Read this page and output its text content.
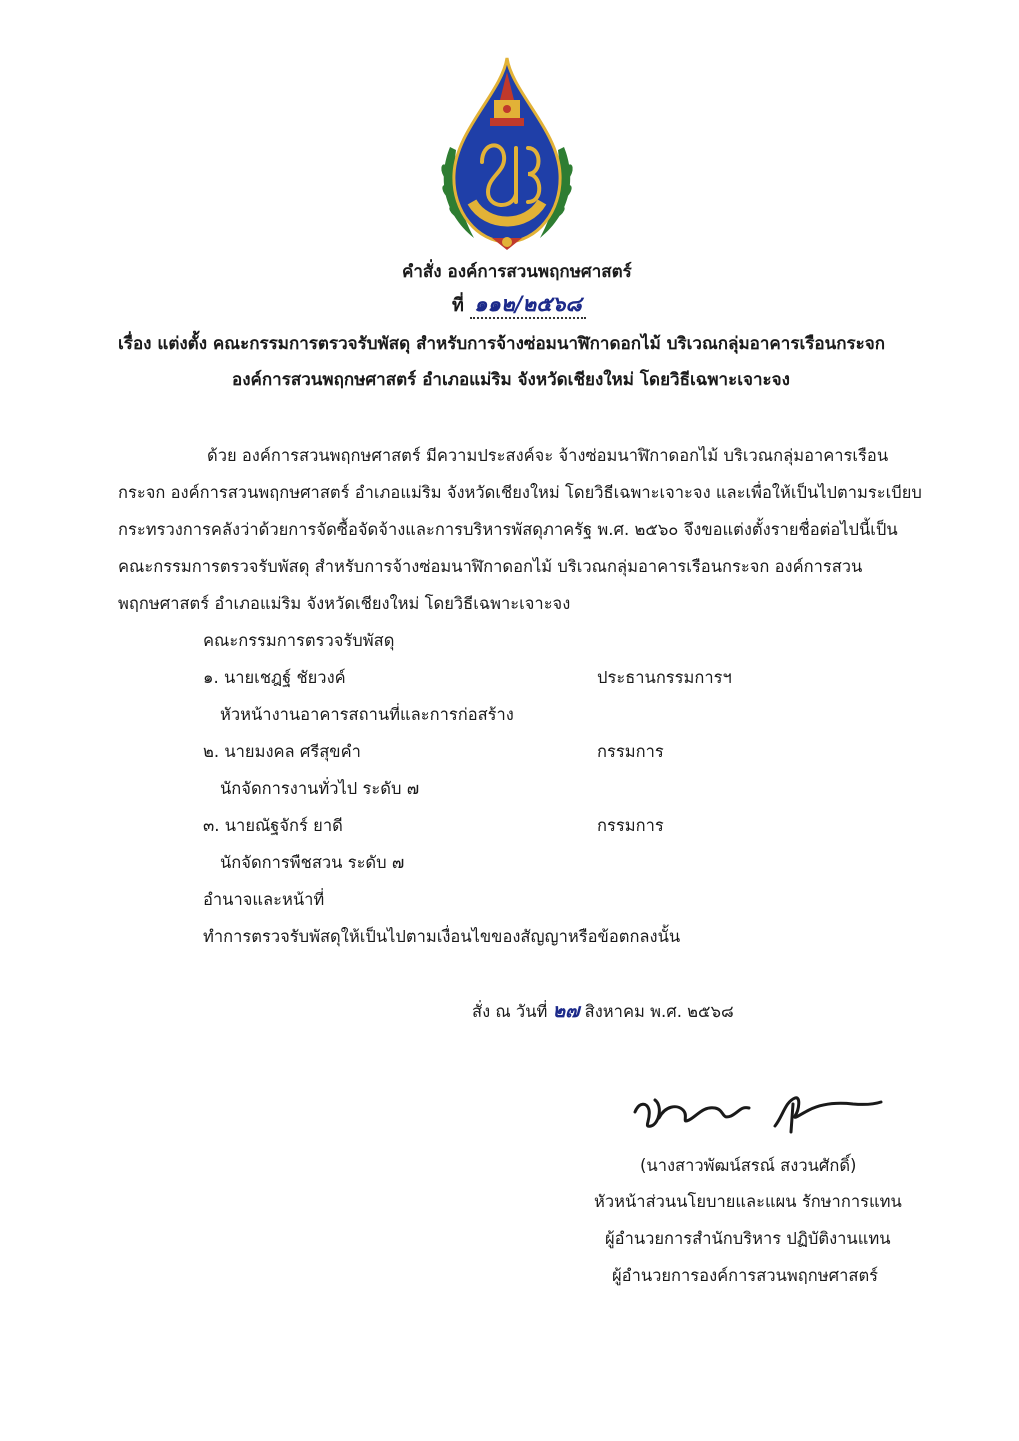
คำสั่ง องค์การสวนพฤกษศาสตร์
ที่ ๑๑๒/๒๕๖๘
เรื่อง แต่งตั้ง คณะกรรมการตรวจรับพัสดุ สำหรับการจ้างซ่อมนาฬิกาดอกไม้ บริเวณกลุ่มอาคารเรือนกระจก
องค์การสวนพฤกษศาสตร์ อำเภอแม่ริม จังหวัดเชียงใหม่ โดยวิธีเฉพาะเจาะจง
ด้วย องค์การสวนพฤกษศาสตร์ มีความประสงค์จะ จ้างซ่อมนาฬิกาดอกไม้ บริเวณกลุ่มอาคารเรือน
กระจก องค์การสวนพฤกษศาสตร์ อำเภอแม่ริม จังหวัดเชียงใหม่ โดยวิธีเฉพาะเจาะจง และเพื่อให้เป็นไปตามระเบียบ
กระทรวงการคลังว่าด้วยการจัดซื้อจัดจ้างและการบริหารพัสดุภาครัฐ พ.ศ. ๒๕๖๐ จึงขอแต่งตั้งรายชื่อต่อไปนี้เป็น
คณะกรรมการตรวจรับพัสดุ สำหรับการจ้างซ่อมนาฬิกาดอกไม้ บริเวณกลุ่มอาคารเรือนกระจก องค์การสวน
พฤกษศาสตร์ อำเภอแม่ริม จังหวัดเชียงใหม่ โดยวิธีเฉพาะเจาะจง
คณะกรรมการตรวจรับพัสดุ
๑. นายเชฎฐ์ ชัยวงค์	ประธานกรรมการฯ
หัวหน้างานอาคารสถานที่และการก่อสร้าง
๒. นายมงคล ศรีสุขคำ	กรรมการ
นักจัดการงานทั่วไป ระดับ ๗
๓. นายณัฐจักร์ ยาดี	กรรมการ
นักจัดการพืชสวน ระดับ ๗
อำนาจและหน้าที่
ทำการตรวจรับพัสดุให้เป็นไปตามเงื่อนไขของสัญญาหรือข้อตกลงนั้น
สั่ง ณ วันที่ ๒๗ สิงหาคม พ.ศ. ๒๕๖๘
(นางสาวพัฒน์สรณ์ สงวนศักดิ์)
หัวหน้าส่วนนโยบายและแผน รักษาการแทน
ผู้อำนวยการสำนักบริหาร ปฏิบัติงานแทน
ผู้อำนวยการองค์การสวนพฤกษศาสตร์
